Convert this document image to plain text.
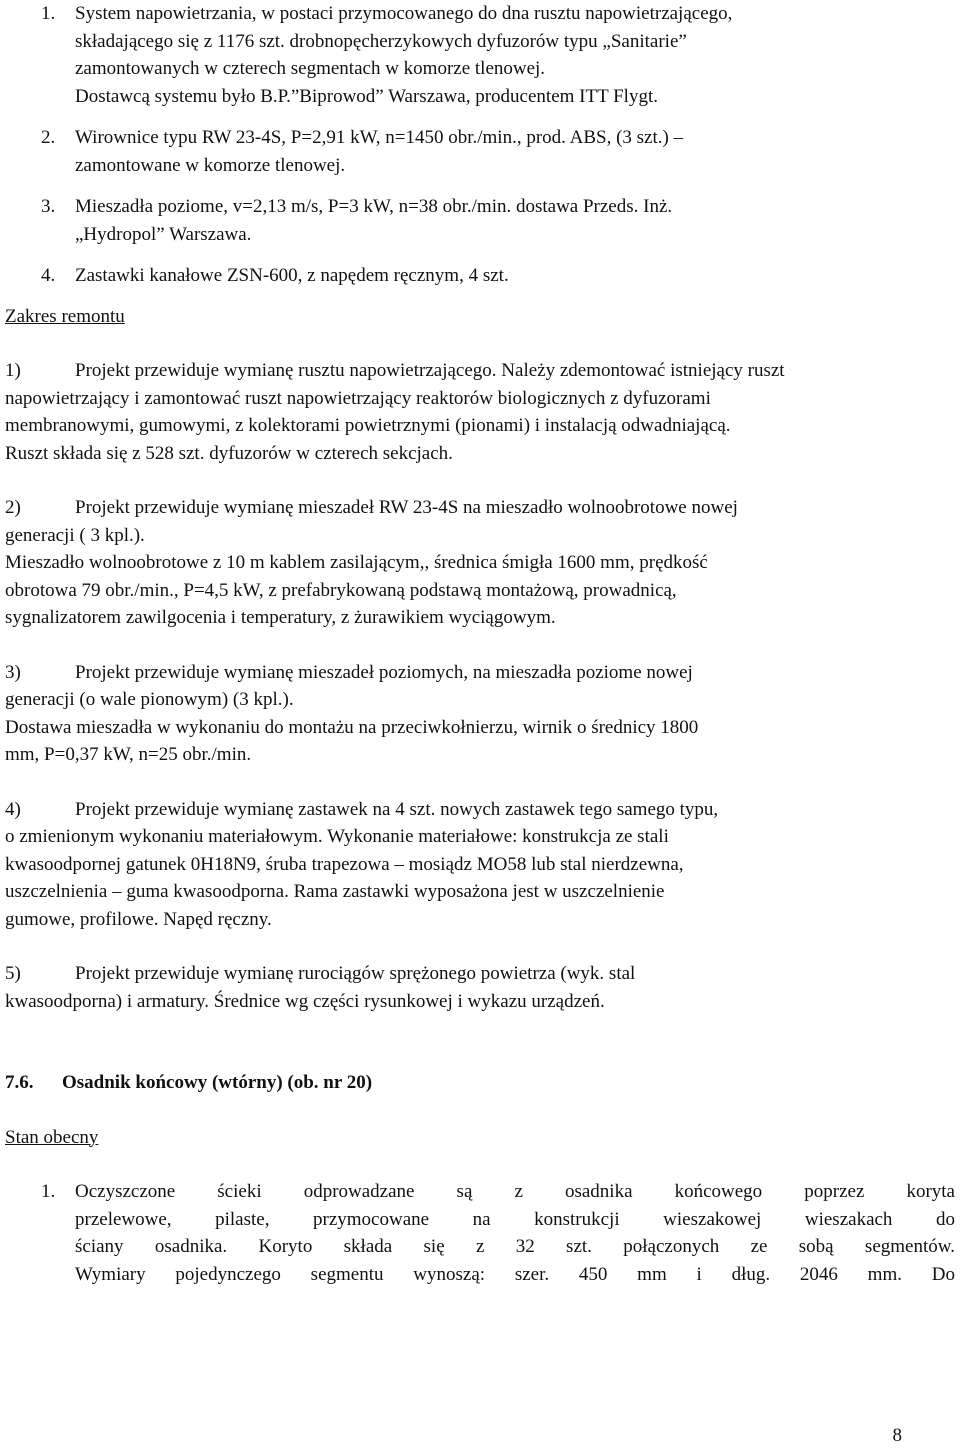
1. System napowietrzania, w postaci przymocowanego do dna rusztu napowietrzającego,
składającego się z 1176 szt. drobnopęcherzykowych dyfuzorów typu „Sanitarie”
zamontowanych w czterech segmentach w komorze tlenowej.
Dostawcą systemu było B.P.”Biprowod” Warszawa, producentem ITT Flygt.
2. Wirownice typu RW 23-4S, P=2,91 kW, n=1450 obr./min., prod. ABS, (3 szt.) –
zamontowane w komorze tlenowej.
3. Mieszadła poziome, v=2,13 m/s, P=3 kW, n=38 obr./min. dostawa Przeds. Inż.
„Hydropol” Warszawa.
4. Zastawki kanałowe ZSN-600, z napędem ręcznym, 4 szt.
Zakres remontu
1)	Projekt przewiduje wymianę rusztu napowietrzającego. Należy zdemontować istniejący ruszt
napowietrzający i zamontować ruszt napowietrzający reaktorów biologicznych z dyfuzorami
membranowymi, gumowymi, z kolektorami powietrznymi (pionami) i instalacją odwadniającą.
Ruszt składa się z 528 szt. dyfuzorów w czterech sekcjach.
2)	Projekt przewiduje wymianę mieszadeł RW 23-4S na mieszadło wolnoobrotowe nowej
generacji ( 3 kpl.).
Mieszadło wolnoobrotowe z 10 m kablem zasilającym,, średnica śmigła 1600 mm, prędkość
obrotowa 79 obr./min., P=4,5 kW, z prefabrykowaną podstawą montażową, prowadnicą,
sygnalizatorem zawilgocenia i temperatury, z żurawikiem wyciągowym.
3)	Projekt przewiduje wymianę mieszadeł poziomych, na mieszadła poziome nowej
generacji (o wale pionowym) (3 kpl.).
Dostawa mieszadła w wykonaniu do montażu na przeciwkołnierzu, wirnik o średnicy 1800
mm, P=0,37 kW, n=25 obr./min.
4)	Projekt przewiduje wymianę zastawek na 4 szt. nowych zastawek tego samego typu,
o zmienionym wykonaniu materiałowym. Wykonanie materiałowe: konstrukcja ze stali
kwasoodpornej gatunek 0H18N9, śruba trapezowa – mosiądz MO58 lub stal nierdzewna,
uszczelnienia – guma kwasoodporna. Rama zastawki wyposażona jest w uszczelnienie
gumowe, profilowe. Napęd ręczny.
5)	Projekt przewiduje wymianę rurociągów sprężonego powietrza (wyk. stal
kwasoodporna) i armatury. Średnice wg części rysunkowej i wykazu urządzeń.
7.6. Osadnik końcowy (wtórny) (ob. nr 20)
Stan obecny
1. Oczyszczone ścieki odprowadzane są z osadnika końcowego poprzez koryta
przelewowe, pilaste, przymocowane na konstrukcji wieszakowej wieszakach do
ściany osadnika. Koryto składa się z 32 szt. połączonych ze sobą segmentów.
Wymiary pojedynczego segmentu wynoszą: szer. 450 mm i dług. 2046 mm. Do
8
